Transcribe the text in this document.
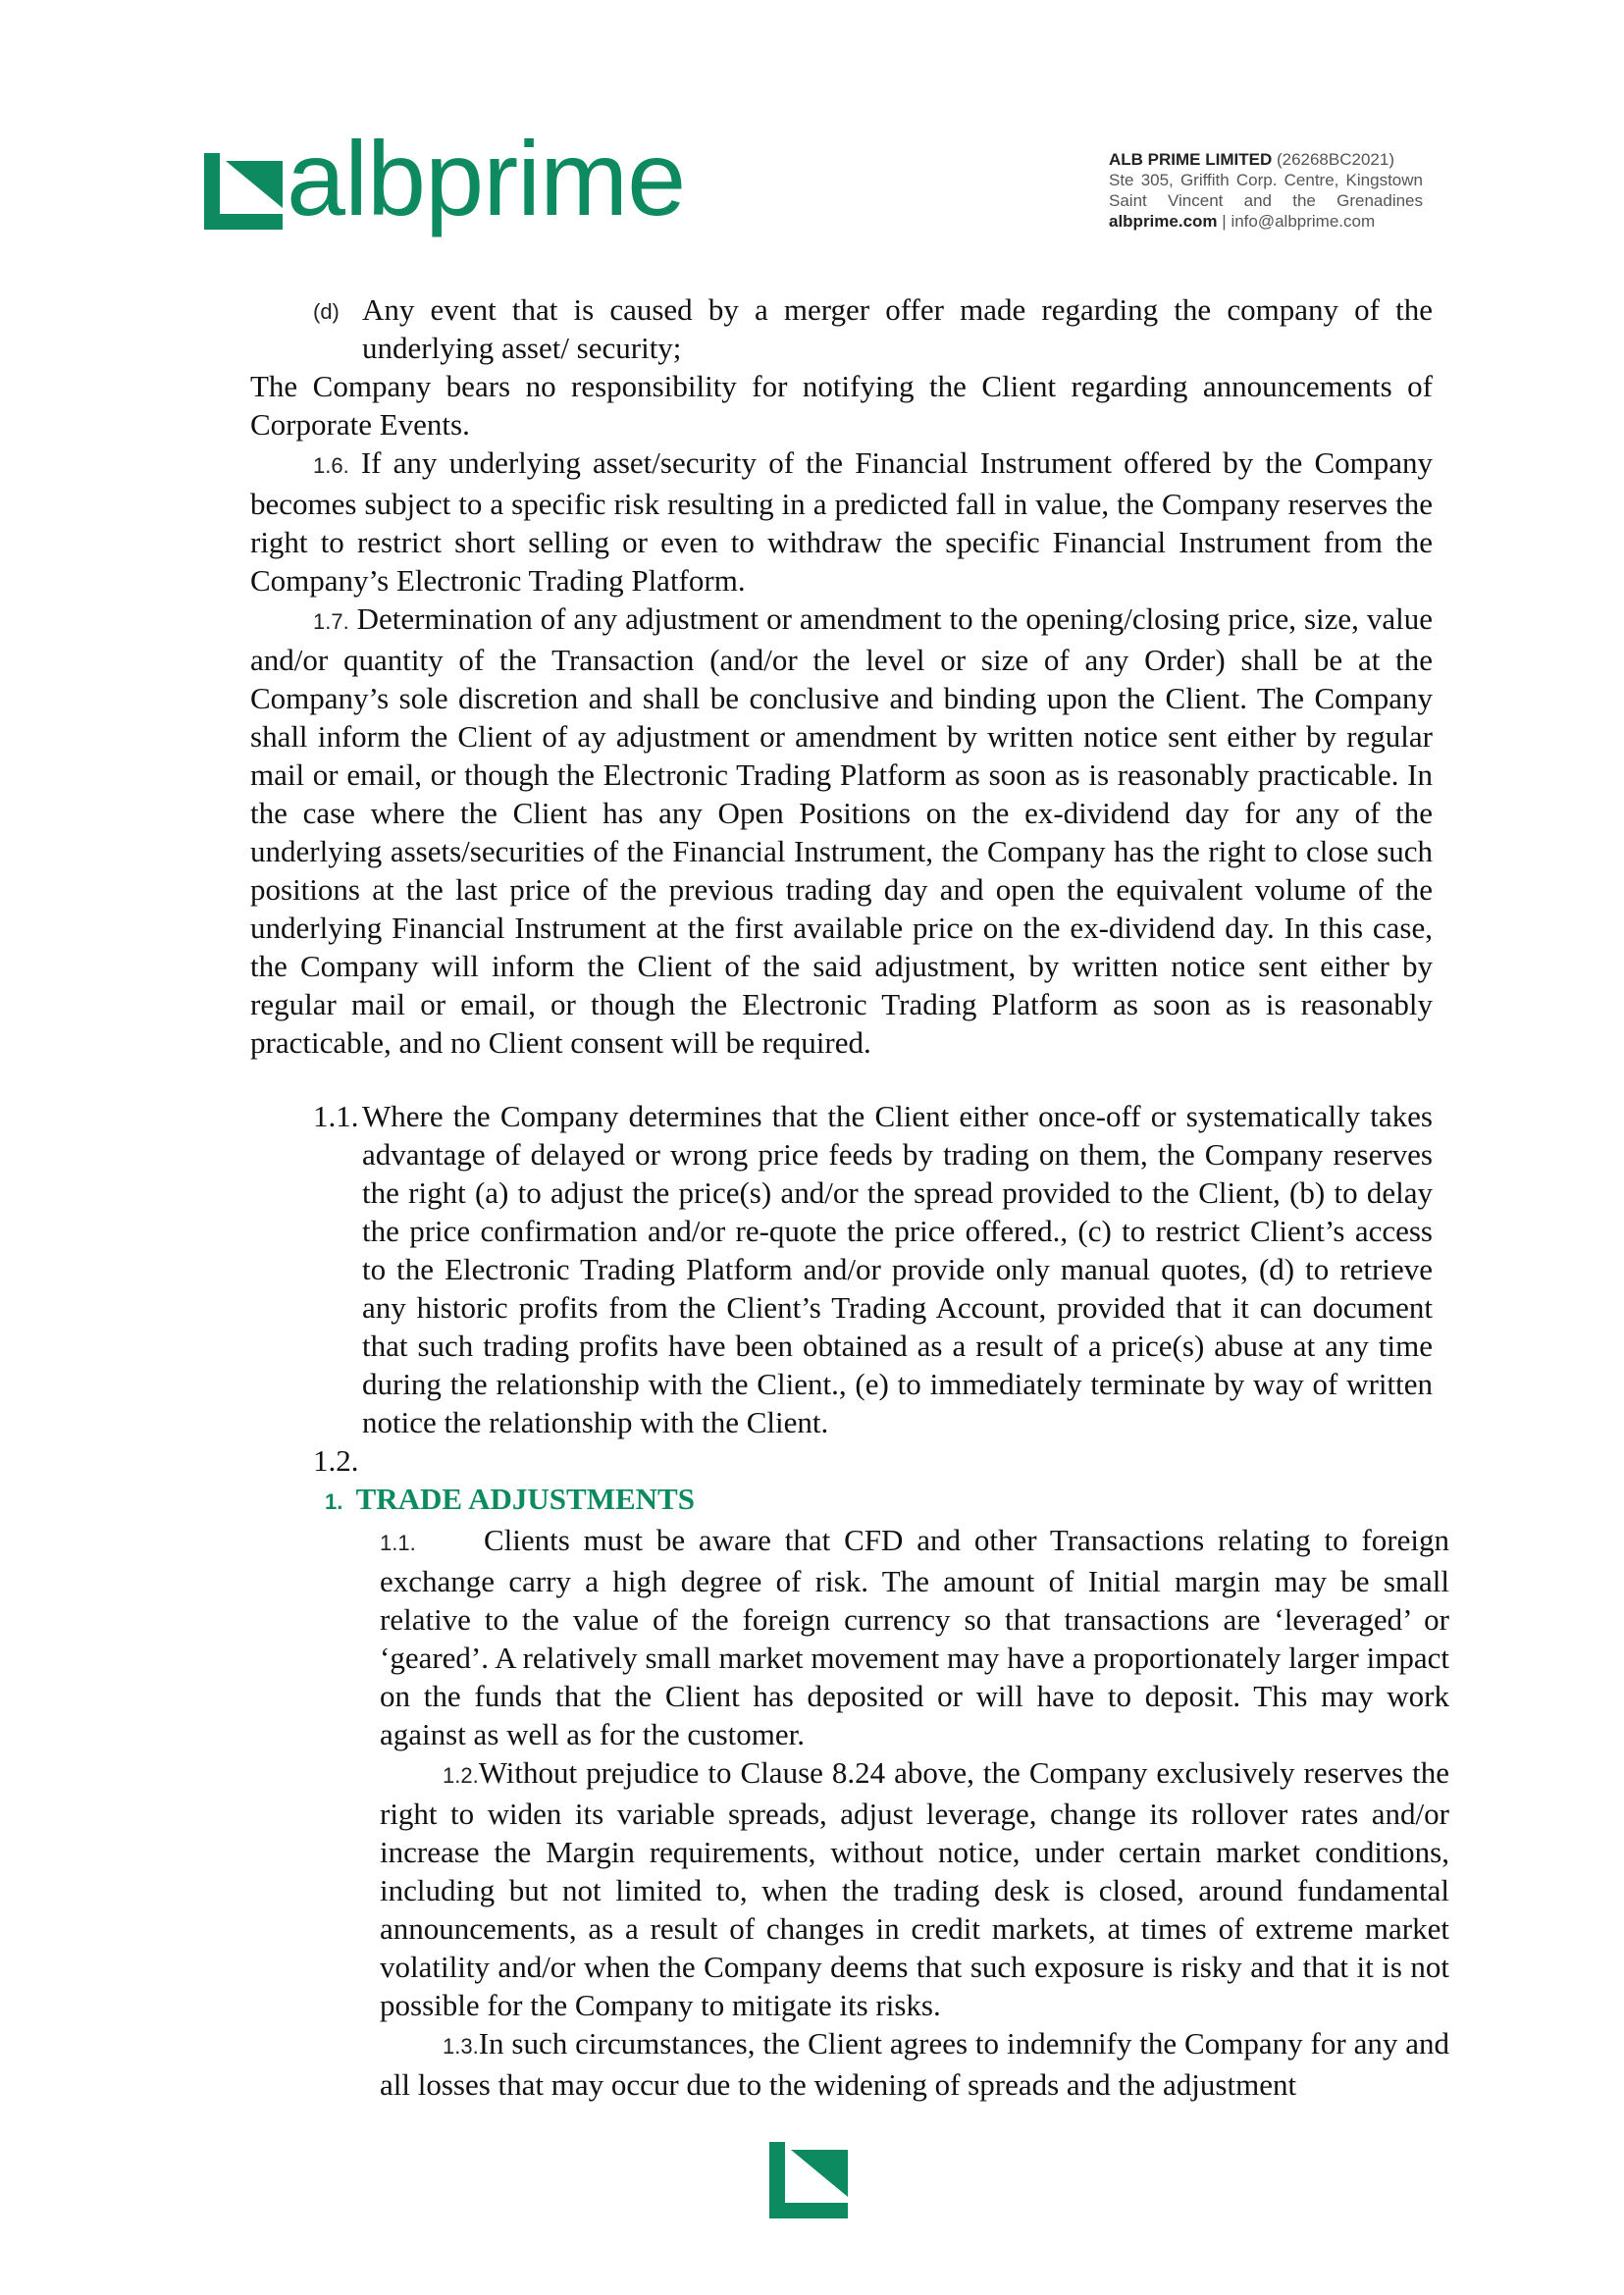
albprime	ALB PRIME LIMITED (26268BC2021)
Ste 305, Griffith Corp. Centre, Kingstown
Saint Vincent and the Grenadines
albprime.com | info@albprime.com

(d) Any event that is caused by a merger offer made regarding the company of the underlying asset/ security;

The Company bears no responsibility for notifying the Client regarding announcements of Corporate Events.

1.6. If any underlying asset/security of the Financial Instrument offered by the Company becomes subject to a specific risk resulting in a predicted fall in value, the Company reserves the right to restrict short selling or even to withdraw the specific Financial Instrument from the Company’s Electronic Trading Platform.

1.7. Determination of any adjustment or amendment to the opening/closing price, size, value and/or quantity of the Transaction (and/or the level or size of any Order) shall be at the Company’s sole discretion and shall be conclusive and binding upon the Client. The Company shall inform the Client of ay adjustment or amendment by written notice sent either by regular mail or email, or though the Electronic Trading Platform as soon as is reasonably practicable. In the case where the Client has any Open Positions on the ex-dividend day for any of the underlying assets/securities of the Financial Instrument, the Company has the right to close such positions at the last price of the previous trading day and open the equivalent volume of the underlying Financial Instrument at the first available price on the ex-dividend day. In this case, the Company will inform the Client of the said adjustment, by written notice sent either by regular mail or email, or though the Electronic Trading Platform as soon as is reasonably practicable, and no Client consent will be required.

1.1. Where the Company determines that the Client either once-off or systematically takes advantage of delayed or wrong price feeds by trading on them, the Company reserves the right (a) to adjust the price(s) and/or the spread provided to the Client, (b) to delay the price confirmation and/or re-quote the price offered., (c) to restrict Client’s access to the Electronic Trading Platform and/or provide only manual quotes, (d) to retrieve any historic profits from the Client’s Trading Account, provided that it can document that such trading profits have been obtained as a result of a price(s) abuse at any time during the relationship with the Client., (e) to immediately terminate by way of written notice the relationship with the Client.

1.2.

1. TRADE ADJUSTMENTS

1.1. Clients must be aware that CFD and other Transactions relating to foreign exchange carry a high degree of risk. The amount of Initial margin may be small relative to the value of the foreign currency so that transactions are ‘leveraged’ or ‘geared’. A relatively small market movement may have a proportionately larger impact on the funds that the Client has deposited or will have to deposit. This may work against as well as for the customer.

1.2.Without prejudice to Clause 8.24 above, the Company exclusively reserves the right to widen its variable spreads, adjust leverage, change its rollover rates and/or increase the Margin requirements, without notice, under certain market conditions, including but not limited to, when the trading desk is closed, around fundamental announcements, as a result of changes in credit markets, at times of extreme market volatility and/or when the Company deems that such exposure is risky and that it is not possible for the Company to mitigate its risks.

1.3.In such circumstances, the Client agrees to indemnify the Company for any and all losses that may occur due to the widening of spreads and the adjustment
